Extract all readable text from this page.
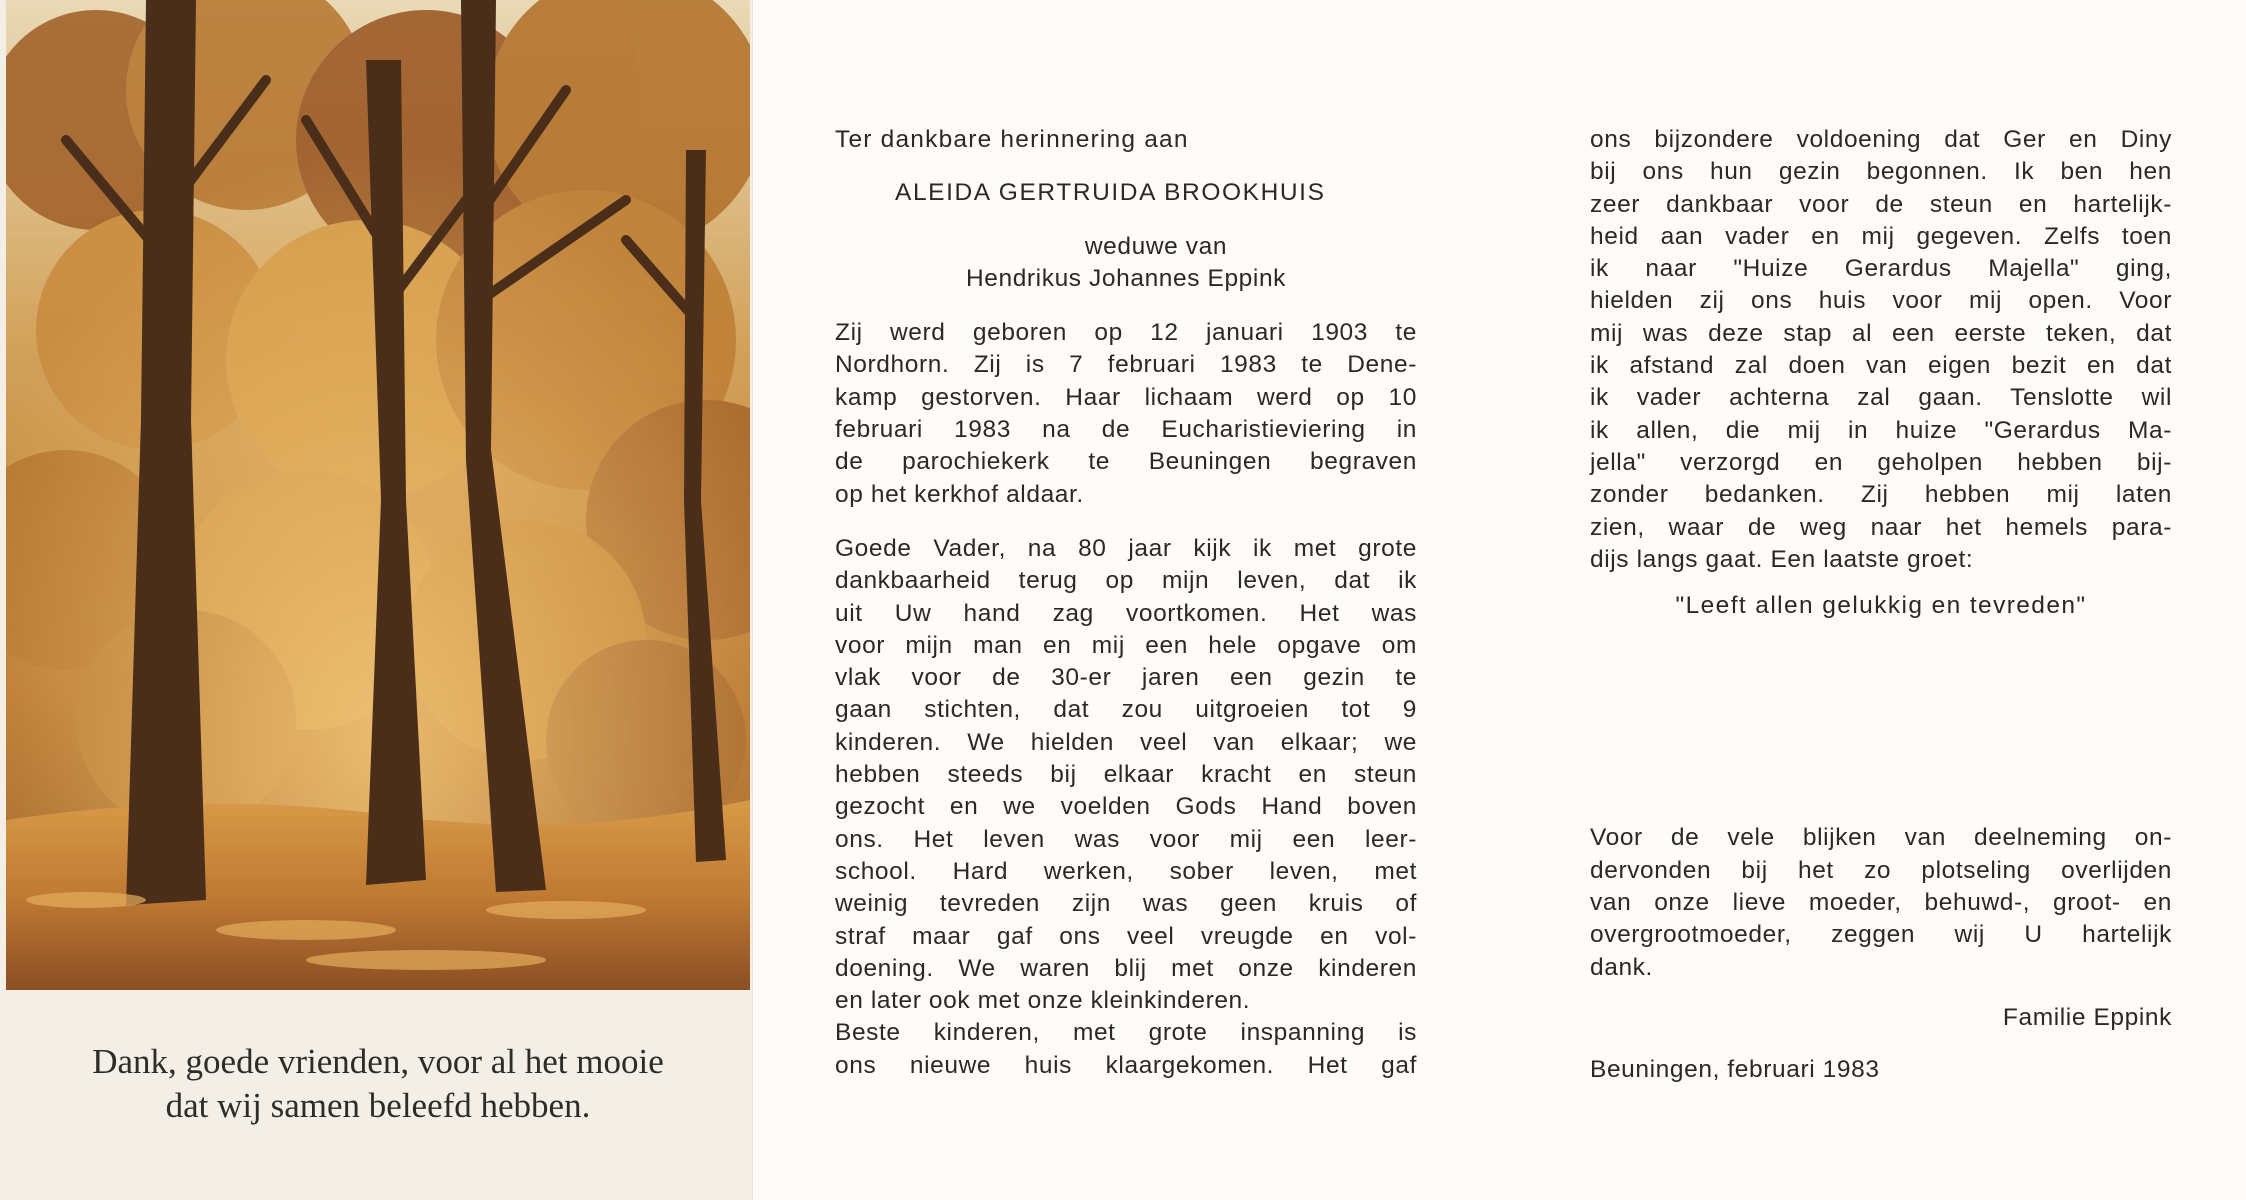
Dank, goede vrienden, voor al het mooie
dat wij samen beleefd hebben.
Ter dankbare herinnering aan
ALEIDA GERTRUIDA BROOKHUIS
weduwe van
Hendrikus Johannes Eppink
Zij werd geboren op 12 januari 1903 te
Nordhorn. Zij is 7 februari 1983 te Dene-
kamp gestorven. Haar lichaam werd op 10
februari 1983 na de Eucharistieviering in
de parochiekerk te Beuningen begraven
op het kerkhof aldaar.
Goede Vader, na 80 jaar kijk ik met grote
dankbaarheid terug op mijn leven, dat ik
uit Uw hand zag voortkomen. Het was
voor mijn man en mij een hele opgave om
vlak voor de 30-er jaren een gezin te
gaan stichten, dat zou uitgroeien tot 9
kinderen. We hielden veel van elkaar; we
hebben steeds bij elkaar kracht en steun
gezocht en we voelden Gods Hand boven
ons. Het leven was voor mij een leer-
school. Hard werken, sober leven, met
weinig tevreden zijn was geen kruis of
straf maar gaf ons veel vreugde en vol-
doening. We waren blij met onze kinderen
en later ook met onze kleinkinderen.
Beste kinderen, met grote inspanning is
ons nieuwe huis klaargekomen. Het gaf
ons bijzondere voldoening dat Ger en Diny
bij ons hun gezin begonnen. Ik ben hen
zeer dankbaar voor de steun en hartelijk-
heid aan vader en mij gegeven. Zelfs toen
ik naar "Huize Gerardus Majella" ging,
hielden zij ons huis voor mij open. Voor
mij was deze stap al een eerste teken, dat
ik afstand zal doen van eigen bezit en dat
ik vader achterna zal gaan. Tenslotte wil
ik allen, die mij in huize "Gerardus Ma-
jella" verzorgd en geholpen hebben bij-
zonder bedanken. Zij hebben mij laten
zien, waar de weg naar het hemels para-
dijs langs gaat. Een laatste groet:
"Leeft allen gelukkig en tevreden"
Voor de vele blijken van deelneming on-
dervonden bij het zo plotseling overlijden
van onze lieve moeder, behuwd-, groot- en
overgrootmoeder, zeggen wij U hartelijk
dank.
Familie Eppink
Beuningen, februari 1983
